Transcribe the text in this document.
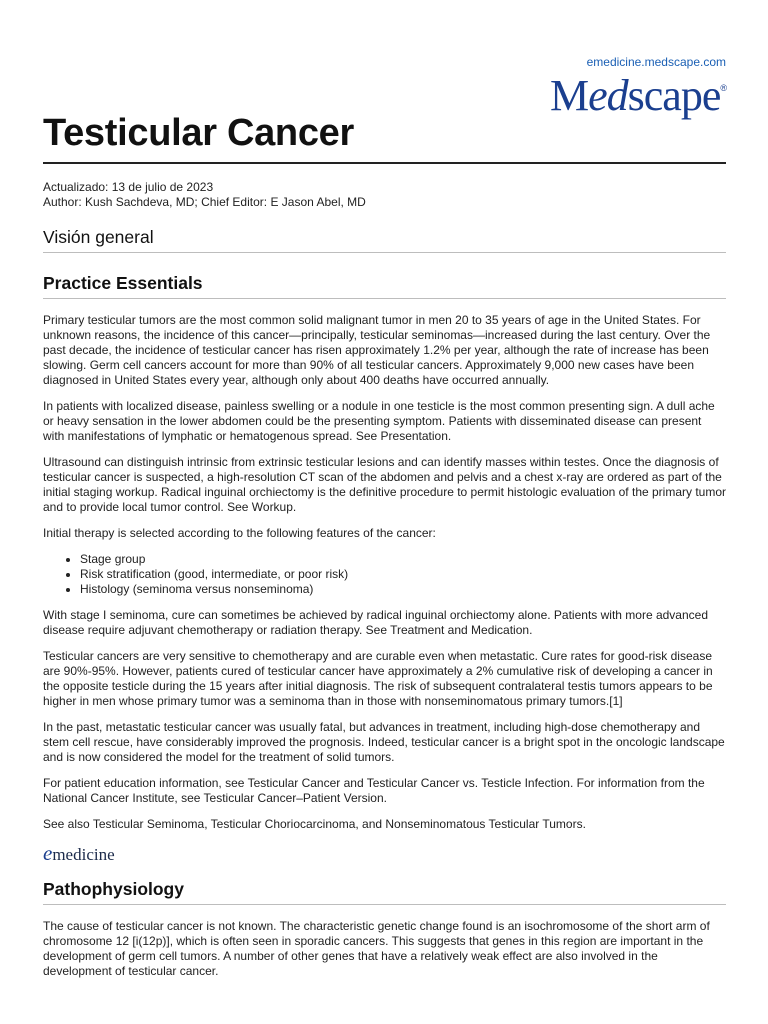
emedicine.medscape.com
Medscape®
Testicular Cancer
Actualizado: 13 de julio de 2023
Author: Kush Sachdeva, MD; Chief Editor: E Jason Abel, MD
Visión general
Practice Essentials

Primary testicular tumors are the most common solid malignant tumor in men 20 to 35 years of age in the United States. For unknown reasons, the incidence of this cancer—principally, testicular seminomas—increased during the last century. Over the past decade, the incidence of testicular cancer has risen approximately 1.2% per year, although the rate of increase has been slowing. Germ cell cancers account for more than 90% of all testicular cancers. Approximately 9,000 new cases have been diagnosed in United States every year, although only about 400 deaths have occurred annually.

In patients with localized disease, painless swelling or a nodule in one testicle is the most common presenting sign. A dull ache or heavy sensation in the lower abdomen could be the presenting symptom. Patients with disseminated disease can present with manifestations of lymphatic or hematogenous spread. See Presentation.

Ultrasound can distinguish intrinsic from extrinsic testicular lesions and can identify masses within testes. Once the diagnosis of testicular cancer is suspected, a high-resolution CT scan of the abdomen and pelvis and a chest x-ray are ordered as part of the initial staging workup. Radical inguinal orchiectomy is the definitive procedure to permit histologic evaluation of the primary tumor and to provide local tumor control. See Workup.

Initial therapy is selected according to the following features of the cancer:

• Stage group
• Risk stratification (good, intermediate, or poor risk)
• Histology (seminoma versus nonseminoma)

With stage I seminoma, cure can sometimes be achieved by radical inguinal orchiectomy alone. Patients with more advanced disease require adjuvant chemotherapy or radiation therapy. See Treatment and Medication.

Testicular cancers are very sensitive to chemotherapy and are curable even when metastatic. Cure rates for good-risk disease are 90%-95%. However, patients cured of testicular cancer have approximately a 2% cumulative risk of developing a cancer in the opposite testicle during the 15 years after initial diagnosis. The risk of subsequent contralateral testis tumors appears to be higher in men whose primary tumor was a seminoma than in those with nonseminomatous primary tumors.[1]

In the past, metastatic testicular cancer was usually fatal, but advances in treatment, including high-dose chemotherapy and stem cell rescue, have considerably improved the prognosis. Indeed, testicular cancer is a bright spot in the oncologic landscape and is now considered the model for the treatment of solid tumors.

For patient education information, see Testicular Cancer and Testicular Cancer vs. Testicle Infection. For information from the National Cancer Institute, see Testicular Cancer–Patient Version.

See also Testicular Seminoma, Testicular Choriocarcinoma, and Nonseminomatous Testicular Tumors.

emedicine
Pathophysiology

The cause of testicular cancer is not known. The characteristic genetic change found is an isochromosome of the short arm of chromosome 12 [i(12p)], which is often seen in sporadic cancers. This suggests that genes in this region are important in the development of germ cell tumors. A number of other genes that have a relatively weak effect are also involved in the development of testicular cancer.
